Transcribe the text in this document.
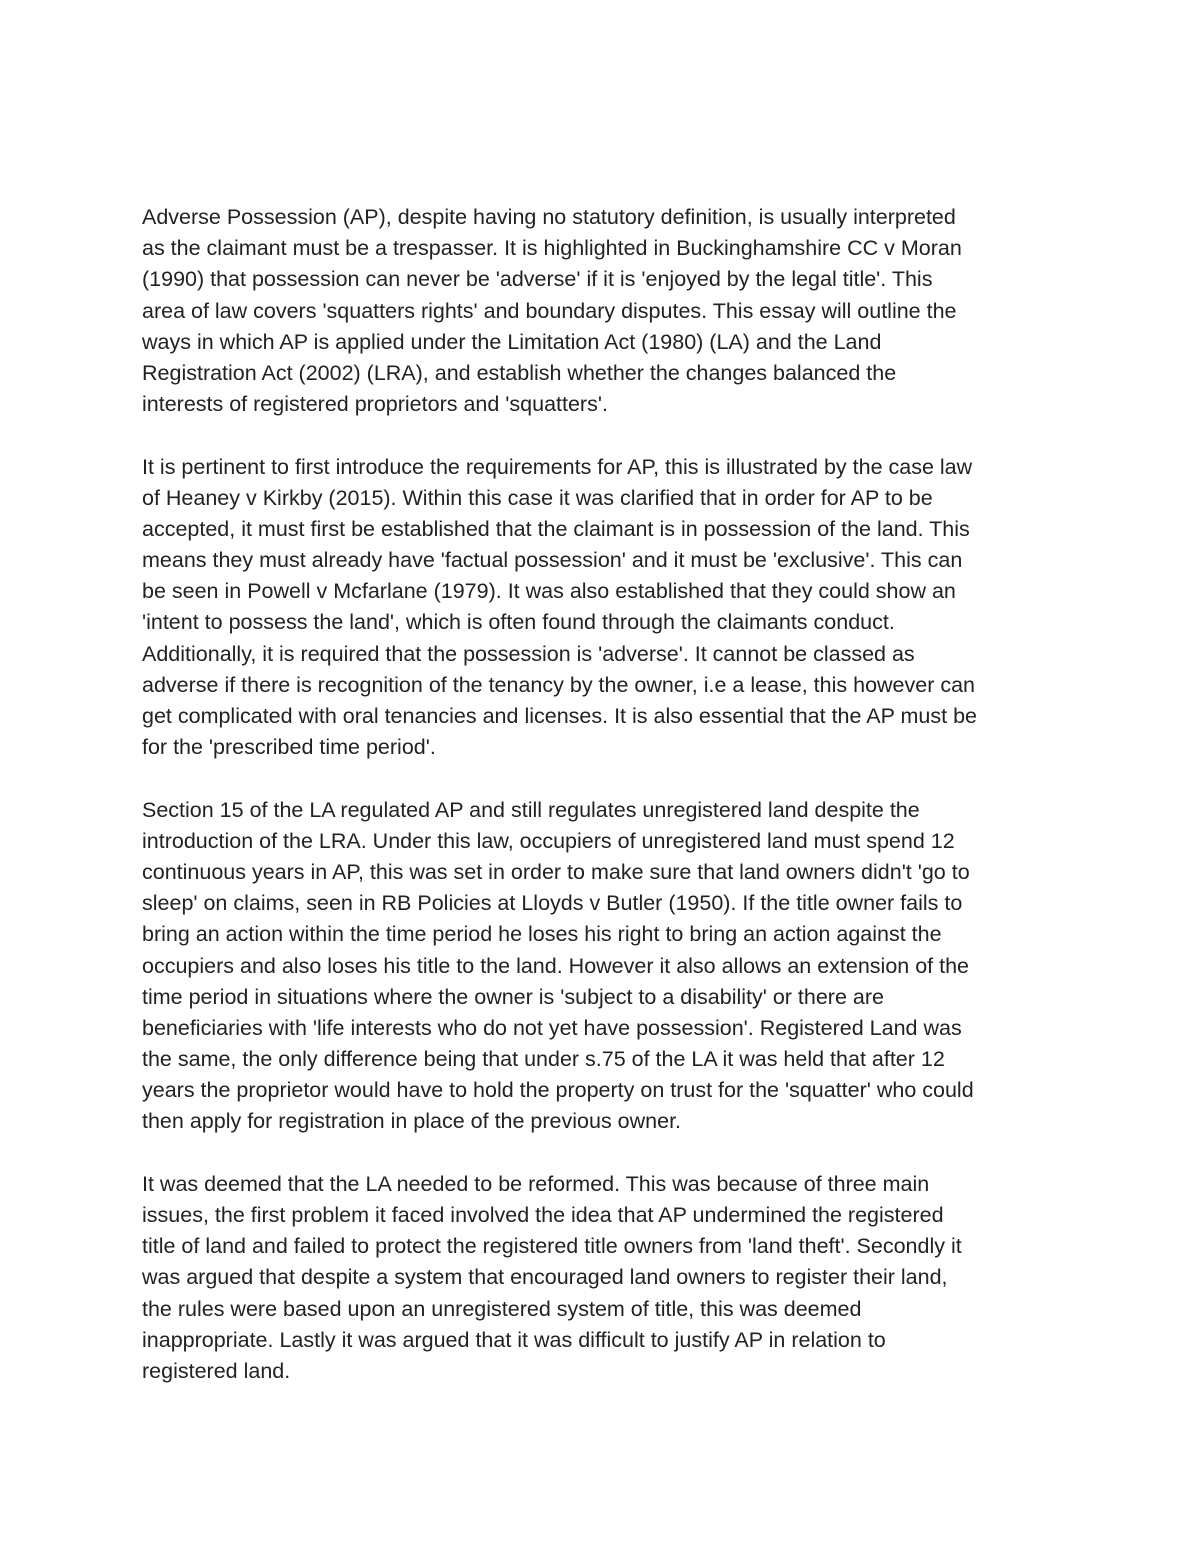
Adverse Possession (AP), despite having no statutory definition, is usually interpreted
as the claimant must be a trespasser. It is highlighted in Buckinghamshire CC v Moran
(1990) that possession can never be 'adverse' if it is 'enjoyed by the legal title'. This
area of law covers 'squatters rights' and boundary disputes. This essay will outline the
ways in which AP is applied under the Limitation Act (1980) (LA) and the Land
Registration Act (2002) (LRA), and establish whether the changes balanced the
interests of registered proprietors and 'squatters'.
It is pertinent to first introduce the requirements for AP, this is illustrated by the case law
of Heaney v Kirkby (2015). Within this case it was clarified that in order for AP to be
accepted, it must first be established that the claimant is in possession of the land. This
means they must already have 'factual possession' and it must be 'exclusive'. This can
be seen in Powell v Mcfarlane (1979). It was also established that they could show an
'intent to possess the land', which is often found through the claimants conduct.
Additionally, it is required that the possession is 'adverse'. It cannot be classed as
adverse if there is recognition of the tenancy by the owner, i.e a lease, this however can
get complicated with oral tenancies and licenses. It is also essential that the AP must be
for the 'prescribed time period'.
Section 15 of the LA regulated AP and still regulates unregistered land despite the
introduction of the LRA. Under this law, occupiers of unregistered land must spend 12
continuous years in AP, this was set in order to make sure that land owners didn't 'go to
sleep' on claims, seen in RB Policies at Lloyds v Butler (1950). If the title owner fails to
bring an action within the time period he loses his right to bring an action against the
occupiers and also loses his title to the land. However it also allows an extension of the
time period in situations where the owner is 'subject to a disability' or there are
beneficiaries with 'life interests who do not yet have possession'. Registered Land was
the same, the only difference being that under s.75 of the LA it was held that after 12
years the proprietor would have to hold the property on trust for the 'squatter' who could
then apply for registration in place of the previous owner.
It was deemed that the LA needed to be reformed. This was because of three main
issues, the first problem it faced involved the idea that AP undermined the registered
title of land and failed to protect the registered title owners from 'land theft'. Secondly it
was argued that despite a system that encouraged land owners to register their land,
the rules were based upon an unregistered system of title, this was deemed
inappropriate. Lastly it was argued that it was difficult to justify AP in relation to
registered land.
